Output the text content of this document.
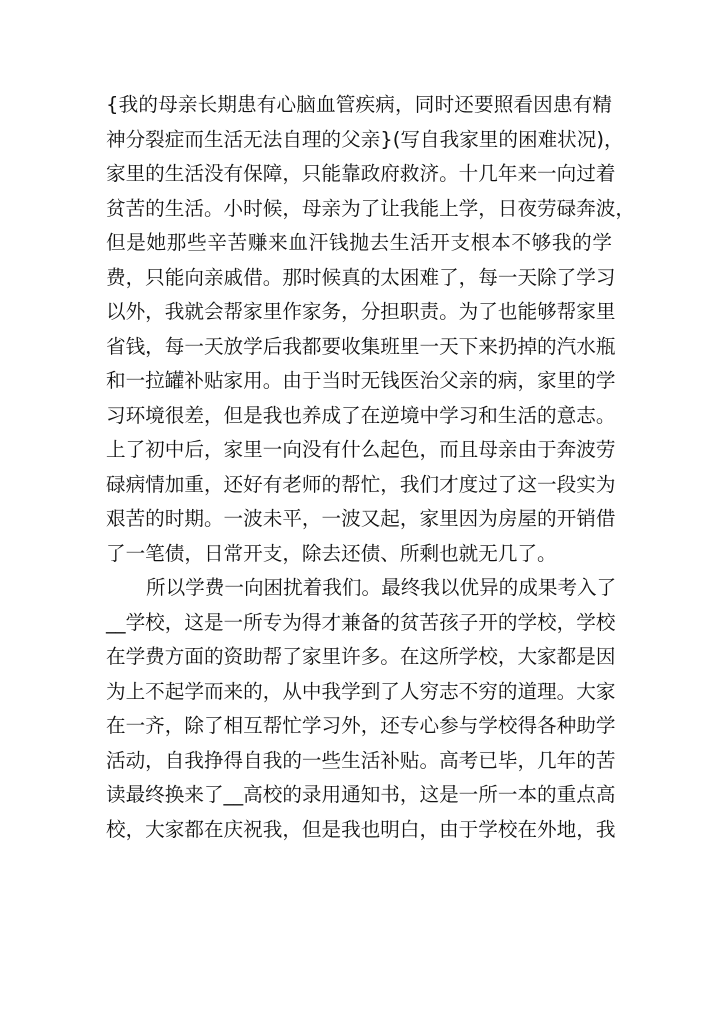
{我的母亲长期患有心脑血管疾病，同时还要照看因患有精
神分裂症而生活无法自理的父亲}(写自我家里的困难状况)，
家里的生活没有保障，只能靠政府救济。十几年来一向过着
贫苦的生活。小时候，母亲为了让我能上学，日夜劳碌奔波，
但是她那些辛苦赚来血汗钱抛去生活开支根本不够我的学
费，只能向亲戚借。那时候真的太困难了，每一天除了学习
以外，我就会帮家里作家务，分担职责。为了也能够帮家里
省钱，每一天放学后我都要收集班里一天下来扔掉的汽水瓶
和一拉罐补贴家用。由于当时无钱医治父亲的病，家里的学
习环境很差，但是我也养成了在逆境中学习和生活的意志。
上了初中后，家里一向没有什么起色，而且母亲由于奔波劳
碌病情加重，还好有老师的帮忙，我们才度过了这一段实为
艰苦的时期。一波未平，一波又起，家里因为房屋的开销借
了一笔债，日常开支，除去还债、所剩也就无几了。
所以学费一向困扰着我们。最终我以优异的成果考入了
__学校，这是一所专为得才兼备的贫苦孩子开的学校，学校
在学费方面的资助帮了家里许多。在这所学校，大家都是因
为上不起学而来的，从中我学到了人穷志不穷的道理。大家
在一齐，除了相互帮忙学习外，还专心参与学校得各种助学
活动，自我挣得自我的一些生活补贴。高考已毕，几年的苦
读最终换来了__高校的录用通知书，这是一所一本的重点高
校，大家都在庆祝我，但是我也明白，由于学校在外地，我
